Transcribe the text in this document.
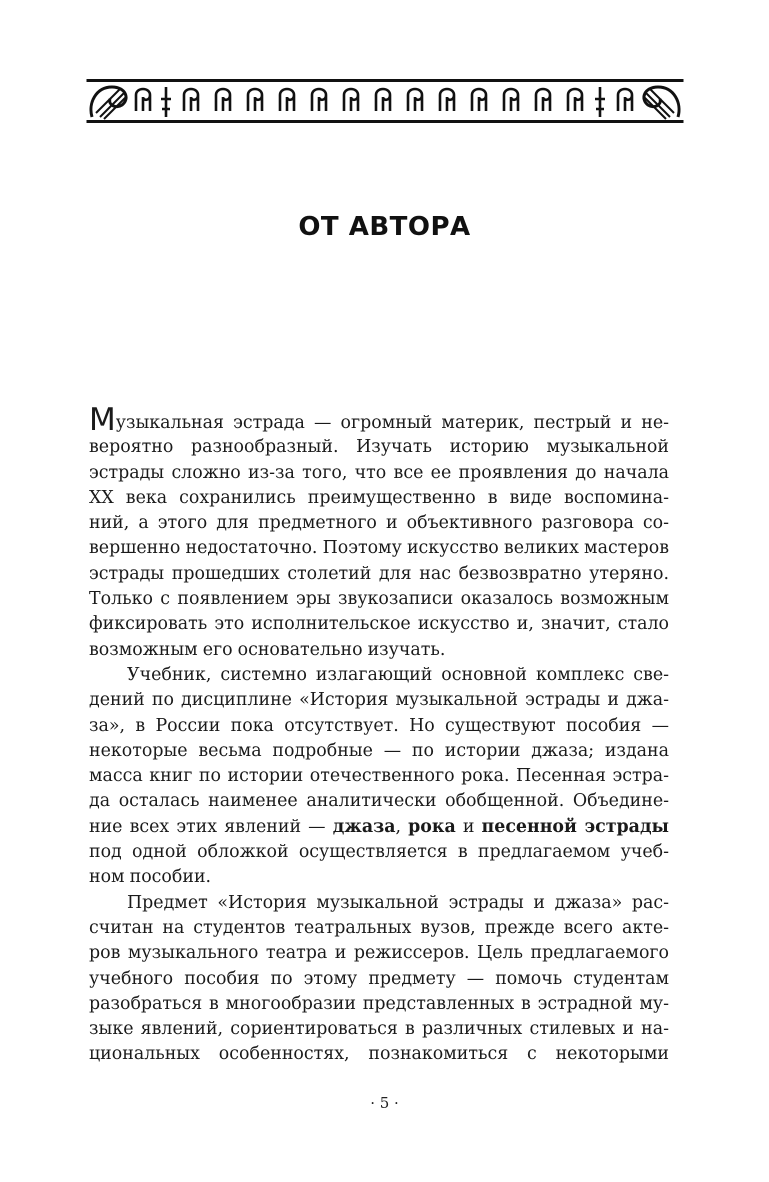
ОТ АВТОРА

Музыкальная эстрада — огромный материк, пестрый и не-
вероятно разнообразный. Изучать историю музыкальной
эстрады сложно из-за того, что все ее проявления до начала
XX века сохранились преимущественно в виде воспомина-
ний, а этого для предметного и объективного разговора со-
вершенно недостаточно. Поэтому искусство великих мастеров
эстрады прошедших столетий для нас безвозвратно утеряно.
Только с появлением эры звукозаписи оказалось возможным
фиксировать это исполнительское искусство и, значит, стало
возможным его основательно изучать.

Учебник, системно излагающий основной комплекс све-
дений по дисциплине «История музыкальной эстрады и джа-
за», в России пока отсутствует. Но существуют пособия —
некоторые весьма подробные — по истории джаза; издана
масса книг по истории отечественного рока. Песенная эстра-
да осталась наименее аналитически обобщенной. Объедине-
ние всех этих явлений — джаза, рока и песенной эстрады
под одной обложкой осуществляется в предлагаемом учеб-
ном пособии.

Предмет «История музыкальной эстрады и джаза» рас-
считан на студентов театральных вузов, прежде всего акте-
ров музыкального театра и режиссеров. Цель предлагаемого
учебного пособия по этому предмету — помочь студентам
разобраться в многообразии представленных в эстрадной му-
зыке явлений, сориентироваться в различных стилевых и на-
циональных особенностях, познакомиться с некоторыми

· 5 ·
